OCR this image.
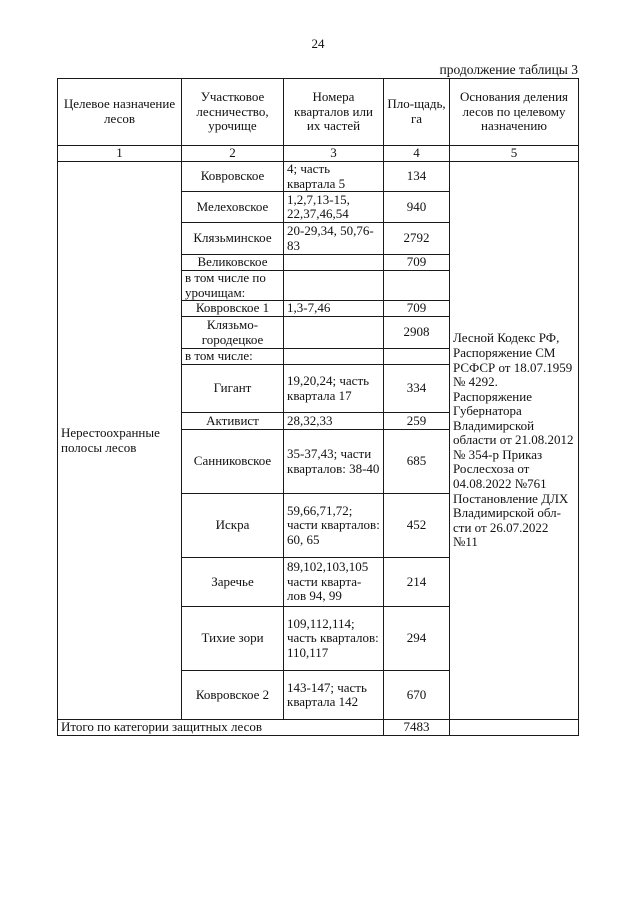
24
продолжение таблицы 3
Целевое назначение лесов	Участковое лесничество, урочище	Номера кварталов или их частей	Пло-щадь, га	Основания деления лесов по целевому назначению
1	2	3	4	5
Нерестоохранные полосы лесов	Ковровское	4; часть квартала 5	134	Лесной Кодекс РФ, Распоряжение СМ РСФСР от 18.07.1959 № 4292. Распоряжение Губернатора Владимирской области от 21.08.2012 № 354-р Приказ Рослесхоза от 04.08.2022 №761 Постановление ДЛХ Владимирской обл-сти от 26.07.2022 №11
	Мелеховское	1,2,7,13-15, 22,37,46,54	940	
	Клязьминское	20-29,34, 50,76-83	2792	
	Великовское		709	
	в том числе по урочищам:			
	Ковровское 1	1,3-7,46	709	
	Клязьмо-городецкое		2908	
	в том числе:			
	Гигант	19,20,24; часть квартала 17	334	
	Активист	28,32,33	259	
	Санниковское	35-37,43; части кварталов: 38-40	685	
	Искра	59,66,71,72; части кварталов: 60, 65	452	
	Заречье	89,102,103,105 части кварта-лов 94, 99	214	
	Тихие зори	109,112,114; часть кварталов: 110,117	294	
	Ковровское 2	143-147; часть квартала 142	670	
Итого по категории защитных лесов			7483	
